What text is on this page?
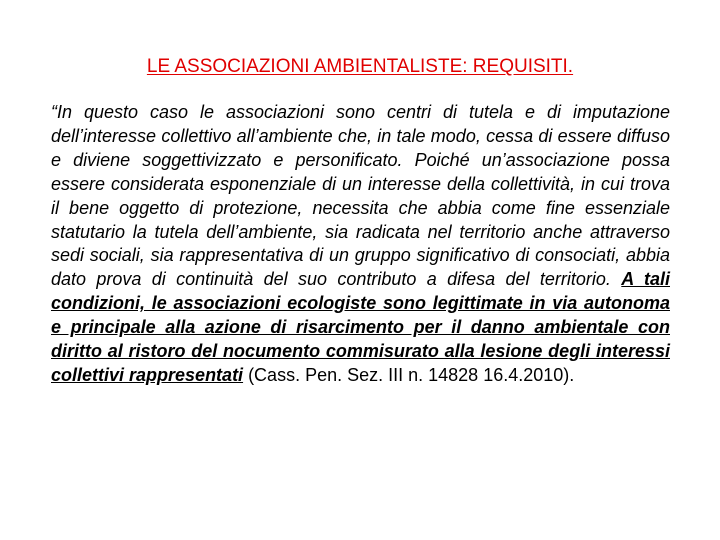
LE ASSOCIAZIONI AMBIENTALISTE: REQUISITI.
“In questo caso le associazioni sono centri di tutela e di imputazione dell’interesse collettivo all’ambiente che, in tale modo, cessa di essere diffuso e diviene soggettivizzato e personificato. Poiché un’associazione possa essere considerata esponenziale di un interesse della collettività, in cui trova il bene oggetto di protezione, necessita che abbia come fine essenziale statutario la tutela dell’ambiente, sia radicata nel territorio anche attraverso sedi sociali, sia rappresentativa di un gruppo significativo di consociati, abbia dato prova di continuità del suo contributo a difesa del territorio. A tali condizioni, le associazioni ecologiste sono legittimate in via autonoma e principale alla azione di risarcimento per il danno ambientale con diritto al ristoro del nocumento commisurato alla lesione degli interessi collettivi rappresentati (Cass. Pen. Sez. III n. 14828 16.4.2010).
